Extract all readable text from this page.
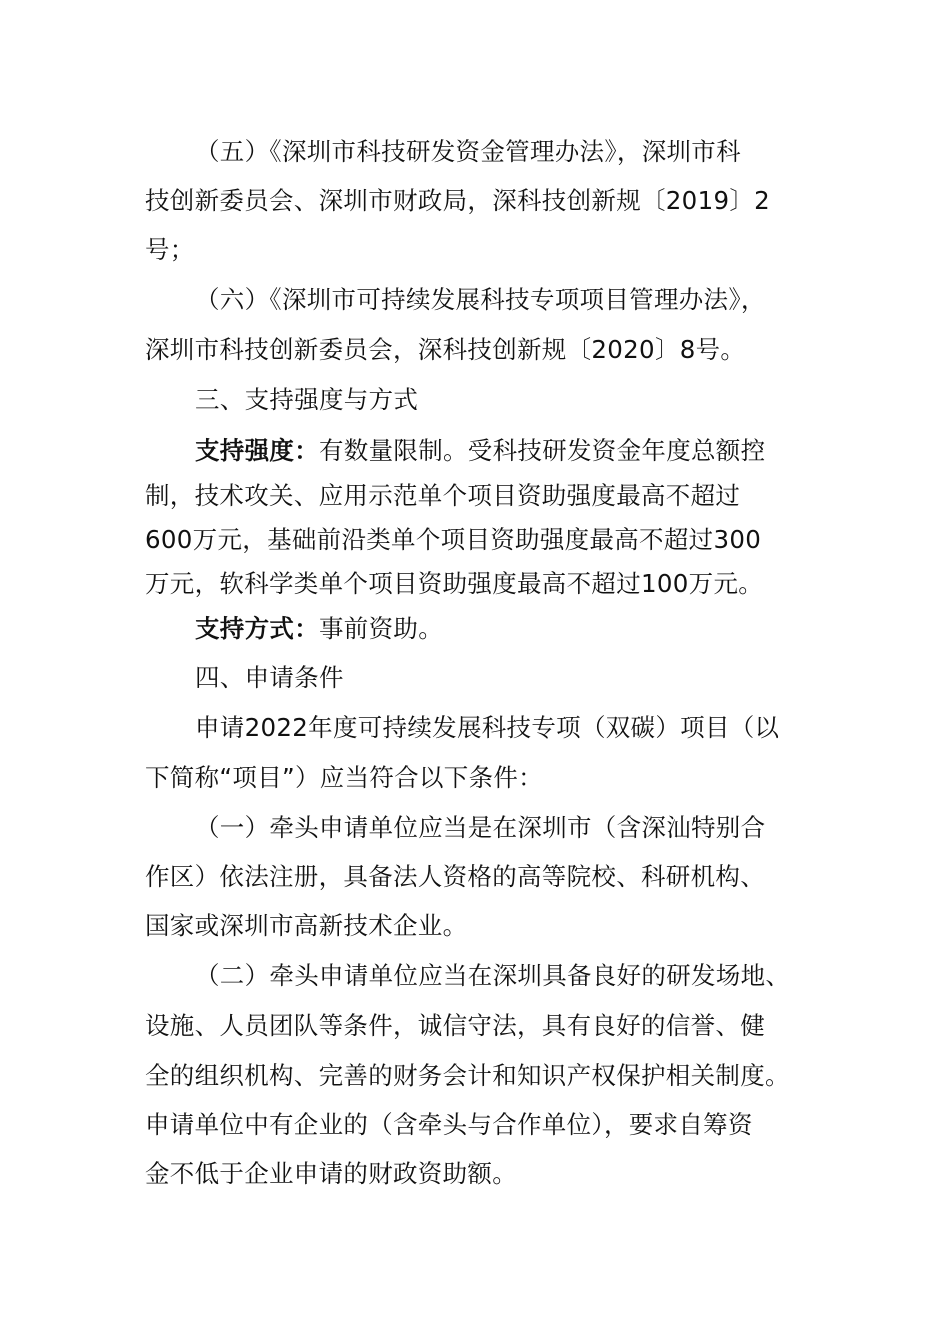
（五）《深圳市科技研发资金管理办法》，深圳市科
技创新委员会、深圳市财政局，深科技创新规〔2019〕2
号；
（六）《深圳市可持续发展科技专项项目管理办法》，
深圳市科技创新委员会，深科技创新规〔2020〕8号。
三、支持强度与方式
支持强度：有数量限制。受科技研发资金年度总额控
制，技术攻关、应用示范单个项目资助强度最高不超过
600万元，基础前沿类单个项目资助强度最高不超过300
万元，软科学类单个项目资助强度最高不超过100万元。
支持方式：事前资助。
四、申请条件
申请2022年度可持续发展科技专项（双碳）项目（以
下简称“项目”）应当符合以下条件：
（一）牵头申请单位应当是在深圳市（含深汕特别合
作区）依法注册，具备法人资格的高等院校、科研机构、
国家或深圳市高新技术企业。
（二）牵头申请单位应当在深圳具备良好的研发场地、
设施、人员团队等条件，诚信守法，具有良好的信誉、健
全的组织机构、完善的财务会计和知识产权保护相关制度。
申请单位中有企业的（含牵头与合作单位），要求自筹资
金不低于企业申请的财政资助额。
